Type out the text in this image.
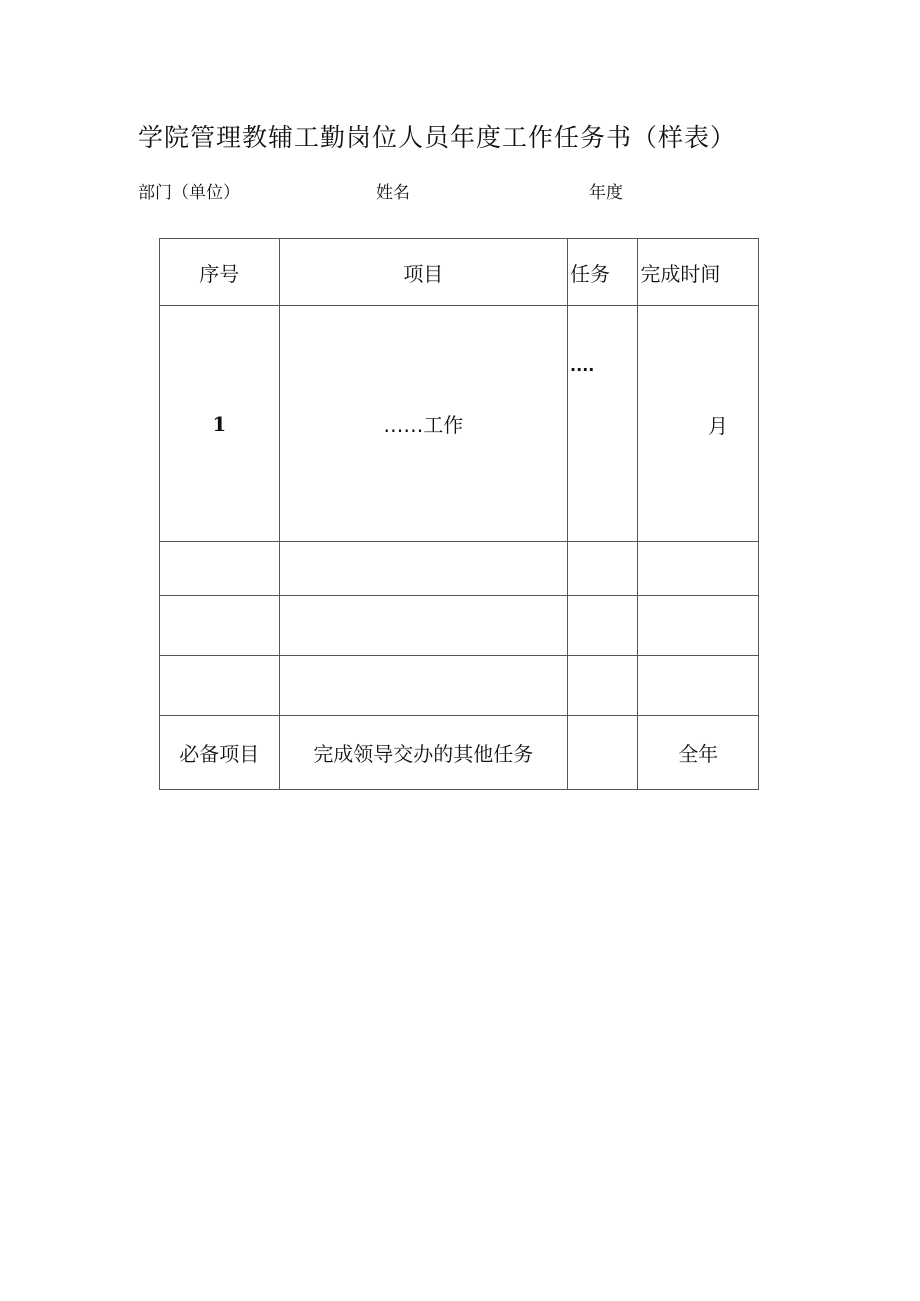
学院管理教辅工勤岗位人员年度工作任务书（样表）
部门（单位）	姓名	年度
序号	项目	任务	完成时间
1	……工作	····	月

必备项目	完成领导交办的其他任务		全年
